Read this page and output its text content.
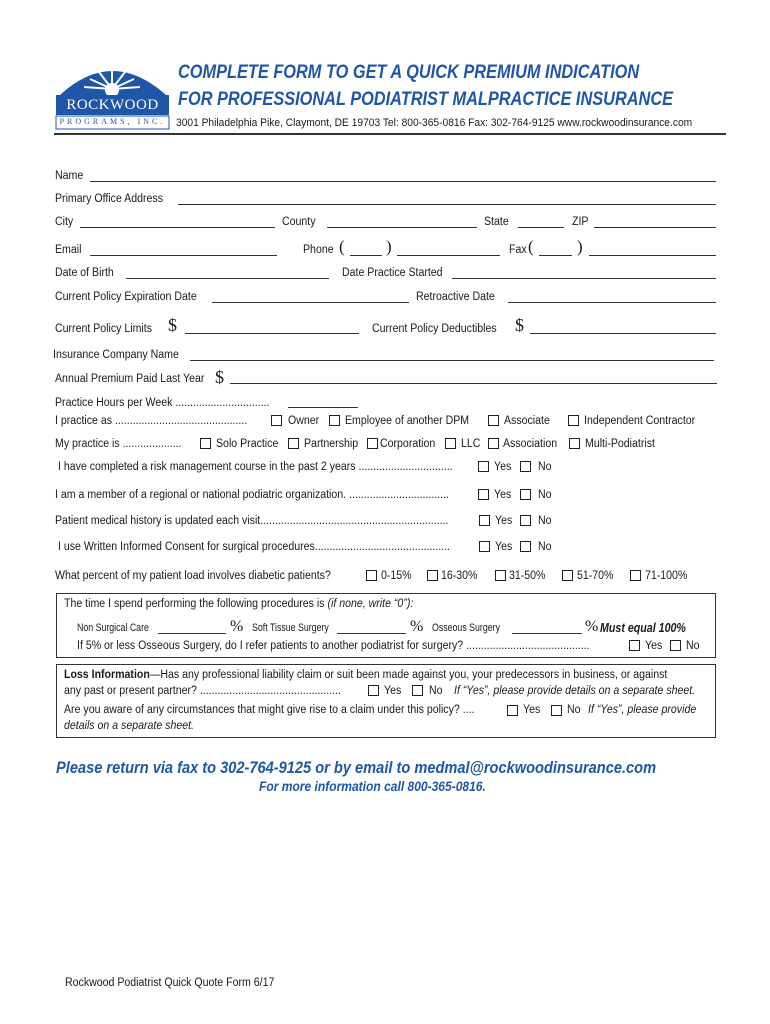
ROCKWOOD
PROGRAMS, INC.
COMPLETE FORM TO GET A QUICK PREMIUM INDICATION
FOR PROFESSIONAL PODIATRIST MALPRACTICE INSURANCE
3001 Philadelphia Pike, Claymont, DE 19703 Tel: 800-365-0816 Fax: 302-764-9125 www.rockwoodinsurance.com
Name
Primary Office Address
City	County	State	ZIP
Email	Phone ( )	Fax (	)
Date of Birth	Date Practice Started
Current Policy Expiration Date	Retroactive Date
Current Policy Limits $	Current Policy Deductibles $
Insurance Company Name
Annual Premium Paid Last Year $
Practice Hours per Week ................................
I practice as .............................................	Owner Employee of another DPM	Associate	Independent Contractor
My practice is ....................	Solo Practice Partnership Corporation LLC Association Multi-Podiatrist
I have completed a risk management course in the past 2 years ................................	Yes No
I am a member of a regional or national podiatric organization. ..................................	Yes No
Patient medical history is updated each visit................................................................	Yes No
I use Written Informed Consent for surgical procedures..............................................	Yes No
What percent of my patient load involves diabetic patients?	0-15%	16-30%	31-50%	51-70%	71-100%
The time I spend performing the following procedures is (if none, write “0”):
Non Surgical Care	% Soft Tissue Surgery	% Osseous Surgery	% Must equal 100%
If 5% or less Osseous Surgery, do I refer patients to another podiatrist for surgery? ..........................................	Yes No
Loss Information—Has any professional liability claim or suit been made against you, your predecessors in business, or against
any past or present partner? ................................................	Yes No If “Yes”, please provide details on a separate sheet.
Are you aware of any circumstances that might give rise to a claim under this policy? ....	Yes No If “Yes”, please provide
details on a separate sheet.
Please return via fax to 302-764-9125 or by email to medmal@rockwoodinsurance.com
For more information call 800-365-0816.
Rockwood Podiatrist Quick Quote Form 6/17
